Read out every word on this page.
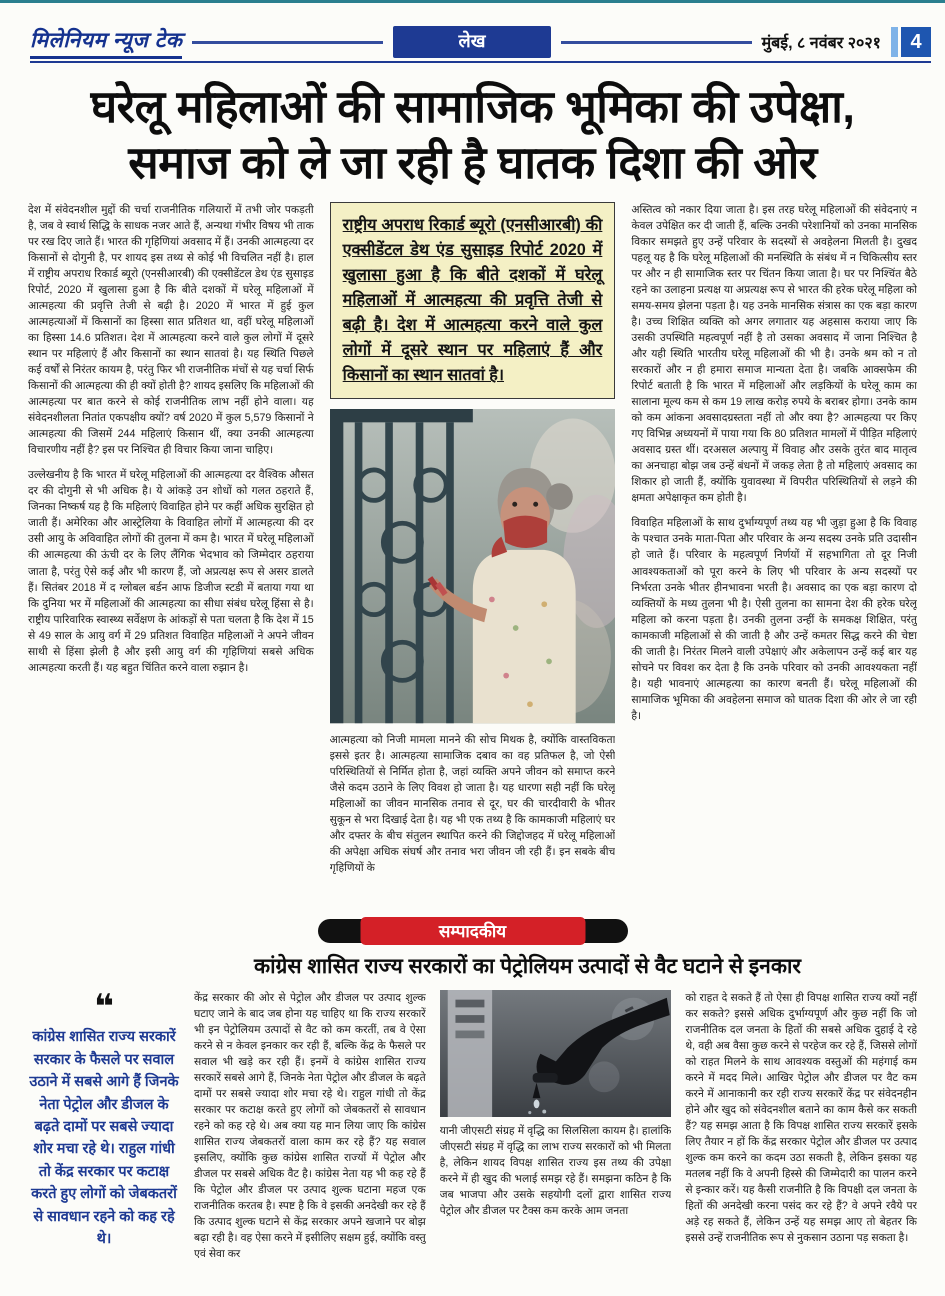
मिलेनियम न्यूज टेक	लेख	मुंबई, ८ नवंबर २०२१	4
घरेलू महिलाओं की सामाजिक भूमिका की उपेक्षा,
समाज को ले जा रही है घातक दिशा की ओर

देश में संवेदनशील मुद्दों की चर्चा राजनीतिक गलियारों में तभी जोर पकड़ती है, जब वे स्वार्थ सिद्धि के साधक नजर आते हैं, अन्यथा गंभीर विषय भी ताक पर रख दिए जाते हैं। भारत की गृहिणियां अवसाद में हैं। उनकी आत्महत्या दर किसानों से दोगुनी है, पर शायद इस तथ्य से कोई भी विचलित नहीं है। हाल में राष्ट्रीय अपराध रिकार्ड ब्यूरो (एनसीआरबी) की एक्सीडेंटल डेथ एंड सुसाइड रिपोर्ट, 2020 में खुलासा हुआ है कि बीते दशकों में घरेलू महिलाओं में आत्महत्या की प्रवृत्ति तेजी से बढ़ी है। 2020 में भारत में हुई कुल आत्महत्याओं में किसानों का हिस्सा सात प्रतिशत था, वहीं घरेलू महिलाओं का हिस्सा 14.6 प्रतिशत। देश में आत्महत्या करने वाले कुल लोगों में दूसरे स्थान पर महिलाएं हैं और किसानों का स्थान सातवां है। यह स्थिति पिछले कई वर्षों से निरंतर कायम है, परंतु फिर भी राजनीतिक मंचों से यह चर्चा सिर्फ किसानों की आत्महत्या की ही क्यों होती है? शायद इसलिए कि महिलाओं की आत्महत्या पर बात करने से कोई राजनीतिक लाभ नहीं होने वाला। यह संवेदनशीलता नितांत एकपक्षीय क्यों? वर्ष 2020 में कुल 5,579 किसानों ने आत्महत्या की जिसमें 244 महिलाएं किसान थीं, क्या उनकी आत्महत्या विचारणीय नहीं है? इस पर निश्चित ही विचार किया जाना चाहिए।

उल्लेखनीय है कि भारत में घरेलू महिलाओं की आत्महत्या दर वैश्विक औसत दर की दोगुनी से भी अधिक है। ये आंकड़े उन शोधों को गलत ठहराते हैं, जिनका निष्कर्ष यह है कि महिलाएं विवाहित होने पर कहीं अधिक सुरक्षित हो जाती हैं। अमेरिका और आस्ट्रेलिया के विवाहित लोगों में आत्महत्या की दर उसी आयु के अविवाहित लोगों की तुलना में कम है। भारत में घरेलू महिलाओं की आत्महत्या की ऊंची दर के लिए लैंगिक भेदभाव को जिम्मेदार ठहराया जाता है, परंतु ऐसे कई और भी कारण हैं, जो अप्रत्यक्ष रूप से असर डालते हैं। सितंबर 2018 में द ग्लोबल बर्डन आफ डिजीज स्टडी में बताया गया था कि दुनिया भर में महिलाओं की आत्महत्या का सीधा संबंध घरेलू हिंसा से है। राष्ट्रीय पारिवारिक स्वास्थ्य सर्वेक्षण के आंकड़ों से पता चलता है कि देश में 15 से 49 साल के आयु वर्ग में 29 प्रतिशत विवाहित महिलाओं ने अपने जीवन साथी से हिंसा झेली है और इसी आयु वर्ग की गृहिणियां सबसे अधिक आत्महत्या करती हैं। यह बहुत चिंतित करने वाला रुझान है।

राष्ट्रीय अपराध रिकार्ड ब्यूरो (एनसीआरबी) की एक्सीडेंटल डेथ एंड सुसाइड रिपोर्ट 2020 में खुलासा हुआ है कि बीते दशकों में घरेलू महिलाओं में आत्महत्या की प्रवृत्ति तेजी से बढ़ी है। देश में आत्महत्या करने वाले कुल लोगों में दूसरे स्थान पर महिलाएं हैं और किसानों का स्थान सातवां है।

आत्महत्या को निजी मामला मानने की सोच मिथक है, क्योंकि वास्तविकता इससे इतर है। आत्महत्या सामाजिक दबाव का वह प्रतिफल है, जो ऐसी परिस्थितियों से निर्मित होता है, जहां व्यक्ति अपने जीवन को समाप्त करने जैसे कदम उठाने के लिए विवश हो जाता है। यह धारणा सही नहीं कि घरेलू महिलाओं का जीवन मानसिक तनाव से दूर, घर की चारदीवारी के भीतर सुकून से भरा दिखाई देता है। यह भी एक तथ्य है कि कामकाजी महिलाएं घर और दफ्तर के बीच संतुलन स्थापित करने की जिद्दोजहद में घरेलू महिलाओं की अपेक्षा अधिक संघर्ष और तनाव भरा जीवन जी रही हैं। इन सबके बीच गृहिणियों के

अस्तित्व को नकार दिया जाता है। इस तरह घरेलू महिलाओं की संवेदनाएं न केवल उपेक्षित कर दी जाती हैं, बल्कि उनकी परेशानियों को उनका मानसिक विकार समझते हुए उन्हें परिवार के सदस्यों से अवहेलना मिलती है। दुखद पहलू यह है कि घरेलू महिलाओं की मनस्थिति के संबंध में न चिकित्सीय स्तर पर और न ही सामाजिक स्तर पर चिंतन किया जाता है। घर पर निश्चिंत बैठे रहने का उलाहना प्रत्यक्ष या अप्रत्यक्ष रूप से भारत की हरेक घरेलू महिला को समय-समय झेलना पड़ता है। यह उनके मानसिक संत्रास का एक बड़ा कारण है। उच्च शिक्षित व्यक्ति को अगर लगातार यह अहसास कराया जाए कि उसकी उपस्थिति महत्वपूर्ण नहीं है तो उसका अवसाद में जाना निश्चित है और यही स्थिति भारतीय घरेलू महिलाओं की भी है। उनके श्रम को न तो सरकारों और न ही हमारा समाज मान्यता देता है। जबकि आक्सफेम की रिपोर्ट बताती है कि भारत में महिलाओं और लड़कियों के घरेलू काम का सालाना मूल्य कम से कम 19 लाख करोड़ रुपये के बराबर होगा। उनके काम को कम आंकना अवसादग्रस्तता नहीं तो और क्या है? आत्महत्या पर किए गए विभिन्न अध्ययनों में पाया गया कि 80 प्रतिशत मामलों में पीड़ित महिलाएं अवसाद ग्रस्त थीं। दरअसल अल्पायु में विवाह और उसके तुरंत बाद मातृत्व का अनचाहा बोझ जब उन्हें बंधनों में जकड़ लेता है तो महिलाएं अवसाद का शिकार हो जाती हैं, क्योंकि युवावस्था में विपरीत परिस्थितियों से लड़ने की क्षमता अपेक्षाकृत कम होती है।

विवाहित महिलाओं के साथ दुर्भाग्यपूर्ण तथ्य यह भी जुड़ा हुआ है कि विवाह के पश्चात उनके माता-पिता और परिवार के अन्य सदस्य उनके प्रति उदासीन हो जाते हैं। परिवार के महत्वपूर्ण निर्णयों में सहभागिता तो दूर निजी आवश्यकताओं को पूरा करने के लिए भी परिवार के अन्य सदस्यों पर निर्भरता उनके भीतर हीनभावना भरती है। अवसाद का एक बड़ा कारण दो व्यक्तियों के मध्य तुलना भी है। ऐसी तुलना का सामना देश की हरेक घरेलू महिला को करना पड़ता है। उनकी तुलना उन्हीं के समकक्ष शिक्षित, परंतु कामकाजी महिलाओं से की जाती है और उन्हें कमतर सिद्ध करने की चेष्टा की जाती है। निरंतर मिलने वाली उपेक्षाएं और अकेलापन उन्हें कई बार यह सोचने पर विवश कर देता है कि उनके परिवार को उनकी आवश्यकता नहीं है। यही भावनाएं आत्महत्या का कारण बनती हैं। घरेलू महिलाओं की सामाजिक भूमिका की अवहेलना समाज को घातक दिशा की ओर ले जा रही है।

सम्पादकीय
कांग्रेस शासित राज्य सरकारों का पेट्रोलियम उत्पादों से वैट घटाने से इनकार
❝
कांग्रेस शासित राज्य सरकारें सरकार के फैसले पर सवाल उठाने में सबसे आगे हैं जिनके नेता पेट्रोल और डीजल के बढ़ते दामों पर सबसे ज्यादा शोर मचा रहे थे। राहुल गांधी तो केंद्र सरकार पर कटाक्ष करते हुए लोगों को जेबकतरों से सावधान रहने को कह रहे थे।

केंद्र सरकार की ओर से पेट्रोल और डीजल पर उत्पाद शुल्क घटाए जाने के बाद जब होना यह चाहिए था कि राज्य सरकारें भी इन पेट्रोलियम उत्पादों से वैट को कम करतीं, तब वे ऐसा करने से न केवल इनकार कर रही हैं, बल्कि केंद्र के फैसले पर सवाल भी खड़े कर रही हैं। इनमें वे कांग्रेस शासित राज्य सरकारें सबसे आगे हैं, जिनके नेता पेट्रोल और डीजल के बढ़ते दामों पर सबसे ज्यादा शोर मचा रहे थे। राहुल गांधी तो केंद्र सरकार पर कटाक्ष करते हुए लोगों को जेबकतरों से सावधान रहने को कह रहे थे। अब क्या यह मान लिया जाए कि कांग्रेस शासित राज्य जेबकतरों वाला काम कर रहे हैं? यह सवाल इसलिए, क्योंकि कुछ कांग्रेस शासित राज्यों में पेट्रोल और डीजल पर सबसे अधिक वैट है। कांग्रेस नेता यह भी कह रहे हैं कि पेट्रोल और डीजल पर उत्पाद शुल्क घटाना महज एक राजनीतिक करतब है। स्पष्ट है कि वे इसकी अनदेखी कर रहे हैं कि उत्पाद शुल्क घटाने से केंद्र सरकार अपने खजाने पर बोझ बढ़ा रही है। वह ऐसा करने में इसीलिए सक्षम हुई, क्योंकि वस्तु एवं सेवा कर

यानी जीएसटी संग्रह में वृद्धि का सिलसिला कायम है। हालांकि जीएसटी संग्रह में वृद्धि का लाभ राज्य सरकारों को भी मिलता है, लेकिन शायद विपक्ष शासित राज्य इस तथ्य की उपेक्षा करने में ही खुद की भलाई समझ रहे हैं। समझना कठिन है कि जब भाजपा और उसके सहयोगी दलों द्वारा शासित राज्य पेट्रोल और डीजल पर टैक्स कम करके आम जनता

को राहत दे सकते हैं तो ऐसा ही विपक्ष शासित राज्य क्यों नहीं कर सकते? इससे अधिक दुर्भाग्यपूर्ण और कुछ नहीं कि जो राजनीतिक दल जनता के हितों की सबसे अधिक दुहाई दे रहे थे, वही अब वैसा कुछ करने से परहेज कर रहे हैं, जिससे लोगों को राहत मिलने के साथ आवश्यक वस्तुओं की महंगाई कम करने में मदद मिले। आखिर पेट्रोल और डीजल पर वैट कम करने में आनाकानी कर रही राज्य सरकारें केंद्र पर संवेदनहीन होने और खुद को संवेदनशील बताने का काम कैसे कर सकती हैं? यह समझ आता है कि विपक्ष शासित राज्य सरकारें इसके लिए तैयार न हों कि केंद्र सरकार पेट्रोल और डीजल पर उत्पाद शुल्क कम करने का कदम उठा सकती है, लेकिन इसका यह मतलब नहीं कि वे अपनी हिस्से की जिम्मेदारी का पालन करने से इन्कार करें। यह कैसी राजनीति है कि विपक्षी दल जनता के हितों की अनदेखी करना पसंद कर रहे हैं? वे अपने रवैये पर अड़े रह सकते हैं, लेकिन उन्हें यह समझ आए तो बेहतर कि इससे उन्हें राजनीतिक रूप से नुकसान उठाना पड़ सकता है।
